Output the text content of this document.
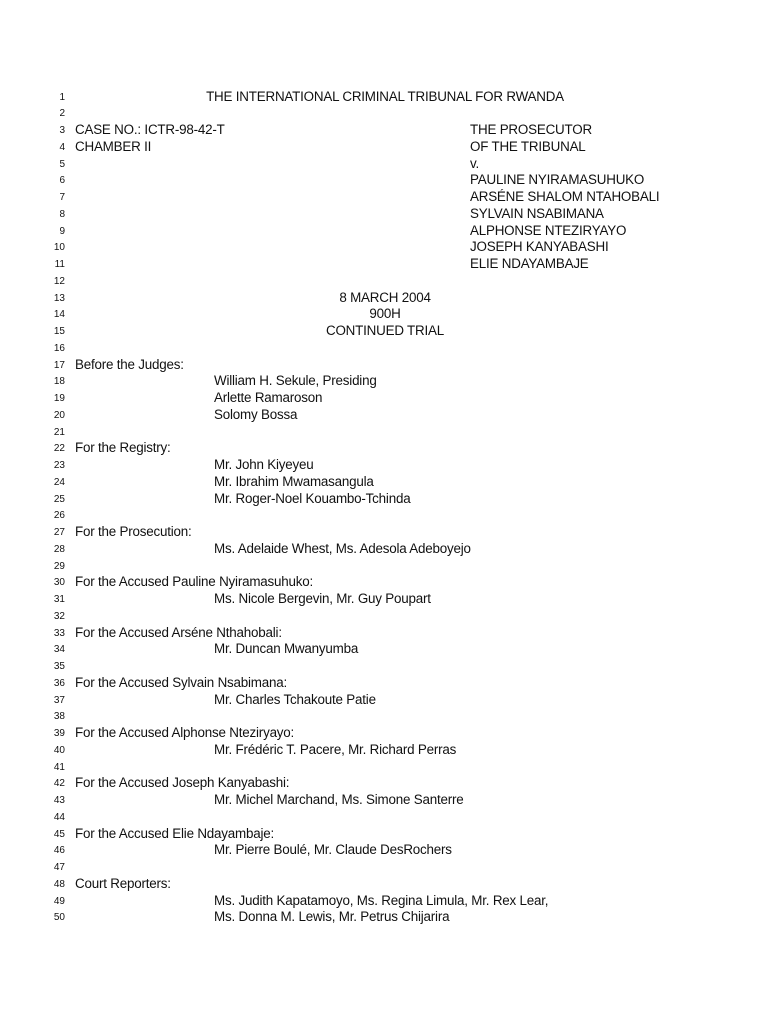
1	THE INTERNATIONAL CRIMINAL TRIBUNAL FOR RWANDA
2
3 CASE NO.: ICTR-98-42-T	THE PROSECUTOR
4 CHAMBER II	OF THE TRIBUNAL
5	v.
6	PAULINE NYIRAMASUHUKO
7	ARSÉNE SHALOM NTAHOBALI
8	SYLVAIN NSABIMANA
9	ALPHONSE NTEZIRYAYO
10	JOSEPH KANYABASHI
11	ELIE NDAYAMBAJE
12
13	8 MARCH 2004
14	900H
15	CONTINUED TRIAL
16
17 Before the Judges:
18	William H. Sekule, Presiding
19	Arlette Ramaroson
20	Solomy Bossa
21
22 For the Registry:
23	Mr. John Kiyeyeu
24	Mr. Ibrahim Mwamasangula
25	Mr. Roger-Noel Kouambo-Tchinda
26
27 For the Prosecution:
28	Ms. Adelaide Whest, Ms. Adesola Adeboyejo
29
30 For the Accused Pauline Nyiramasuhuko:
31	Ms. Nicole Bergevin, Mr. Guy Poupart
32
33 For the Accused Arséne Nthahobali:
34	Mr. Duncan Mwanyumba
35
36 For the Accused Sylvain Nsabimana:
37	Mr. Charles Tchakoute Patie
38
39 For the Accused Alphonse Nteziryayo:
40	Mr. Frédéric T. Pacere, Mr. Richard Perras
41
42 For the Accused Joseph Kanyabashi:
43	Mr. Michel Marchand, Ms. Simone Santerre
44
45 For the Accused Elie Ndayambaje:
46	Mr. Pierre Boulé, Mr. Claude DesRochers
47
48 Court Reporters:
49	Ms. Judith Kapatamoyo, Ms. Regina Limula, Mr. Rex Lear,
50	Ms. Donna M. Lewis, Mr. Petrus Chijarira
